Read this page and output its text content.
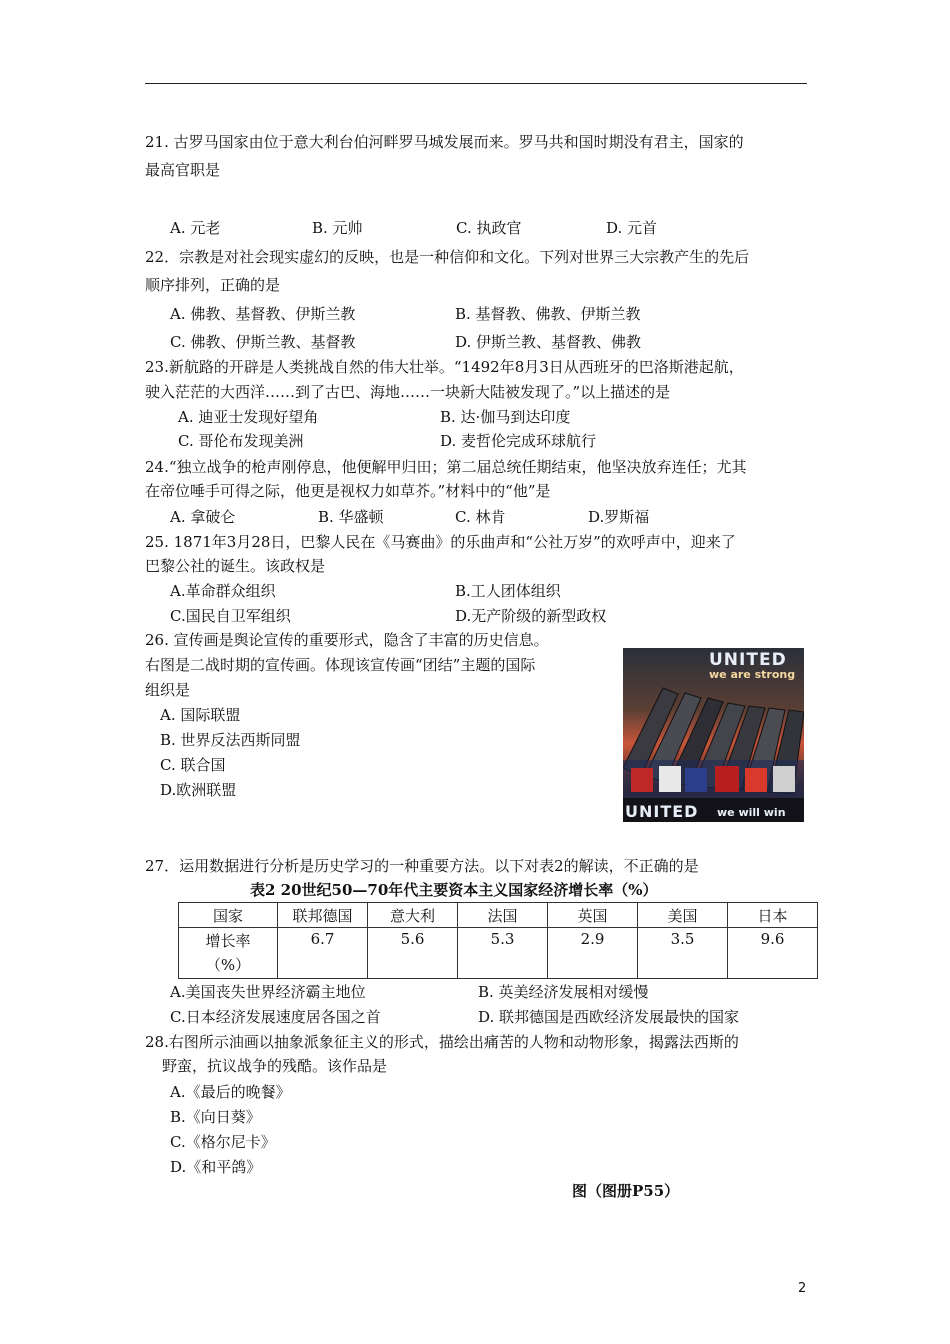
21. 古罗马国家由位于意大利台伯河畔罗马城发展而来。罗马共和国时期没有君主，国家的
最高官职是
A. 元老	B. 元帅	C. 执政官	D. 元首
22．宗教是对社会现实虚幻的反映，也是一种信仰和文化。下列对世界三大宗教产生的先后
顺序排列，正确的是
A. 佛教、基督教、伊斯兰教	B. 基督教、佛教、伊斯兰教
C. 佛教、伊斯兰教、基督教	D. 伊斯兰教、基督教、佛教
23.新航路的开辟是人类挑战自然的伟大壮举。“1492年8月3日从西班牙的巴洛斯港起航，
驶入茫茫的大西洋……到了古巴、海地……一块新大陆被发现了。”以上描述的是
A. 迪亚士发现好望角	B. 达·伽马到达印度
C. 哥伦布发现美洲	D. 麦哲伦完成环球航行
24.“独立战争的枪声刚停息，他便解甲归田；第二届总统任期结束，他坚决放弃连任；尤其
在帝位唾手可得之际，他更是视权力如草芥。”材料中的“他”是
A. 拿破仑	B. 华盛顿	C. 林肯	D.罗斯福
25. 1871年3月28日，巴黎人民在《马赛曲》的乐曲声和“公社万岁”的欢呼声中，迎来了
巴黎公社的诞生。该政权是
A.革命群众组织	B.工人团体组织
C.国民自卫军组织	D.无产阶级的新型政权
26. 宣传画是舆论宣传的重要形式，隐含了丰富的历史信息。
右图是二战时期的宣传画。体现该宣传画“团结”主题的国际
组织是
A. 国际联盟
B. 世界反法西斯同盟
C. 联合国
D.欧洲联盟
UNITED
we are strong
UNITED we will win
27．运用数据进行分析是历史学习的一种重要方法。以下对表2的解读，不正确的是
表2 20世纪50—70年代主要资本主义国家经济增长率（%）
国家	联邦德国	意大利	法国	英国	美国	日本

增长率
（%）	6.7	5.6	5.3	2.9	3.5	9.6
A.美国丧失世界经济霸主地位	B. 英美经济发展相对缓慢
C.日本经济发展速度居各国之首	D. 联邦德国是西欧经济发展最快的国家
28.右图所示油画以抽象派象征主义的形式，描绘出痛苦的人物和动物形象，揭露法西斯的
野蛮，抗议战争的残酷。该作品是
A.《最后的晚餐》
B.《向日葵》
C.《格尔尼卡》
D.《和平鸽》
图（图册P55）
2
